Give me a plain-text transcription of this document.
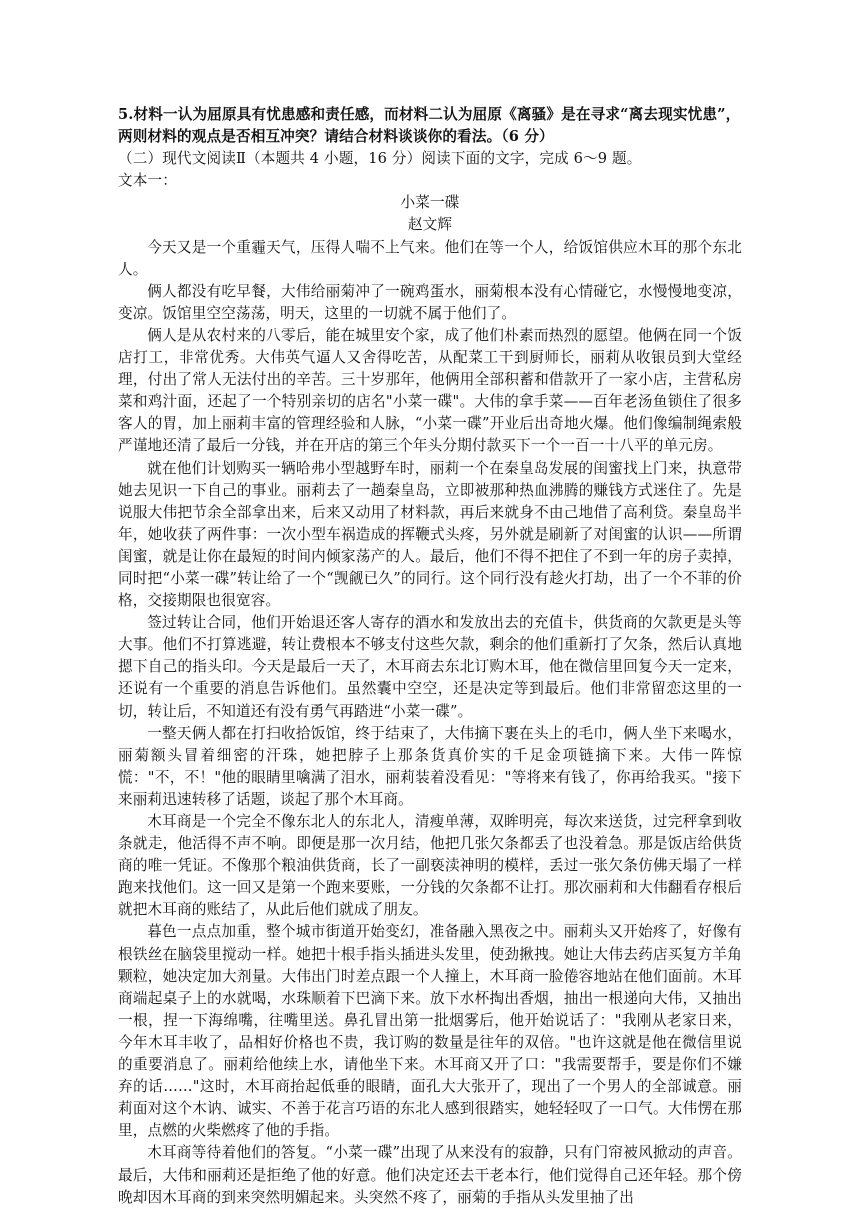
5.材料一认为屈原具有忧患感和责任感，而材料二认为屈原《离骚》是在寻求“离去现实忧患”，两则材料的观点是否相互冲突？请结合材料谈谈你的看法。（6 分）

（二）现代文阅读Ⅱ（本题共 4 小题，16 分）阅读下面的文字，完成 6～9 题。

文本一：

小菜一碟

赵文辉

今天又是一个重霾天气，压得人喘不上气来。他们在等一个人，给饭馆供应木耳的那个东北人。

俩人都没有吃早餐，大伟给丽菊冲了一碗鸡蛋水，丽菊根本没有心情碰它，水慢慢地变凉，变凉。饭馆里空空荡荡，明天，这里的一切就不属于他们了。

俩人是从农村来的八零后，能在城里安个家，成了他们朴素而热烈的愿望。他俩在同一个饭店打工，非常优秀。大伟英气逼人又舍得吃苦，从配菜工干到厨师长，丽莉从收银员到大堂经理，付出了常人无法付出的辛苦。三十岁那年，他俩用全部积蓄和借款开了一家小店，主营私房菜和鸡汁面，还起了一个特别亲切的店名"小菜一碟"。大伟的拿手菜——百年老汤鱼锁住了很多客人的胃，加上丽莉丰富的管理经验和人脉，“小菜一碟”开业后出奇地火爆。他们像编制绳索般严谨地还清了最后一分钱，并在开店的第三个年头分期付款买下一个一百一十八平的单元房。

就在他们计划购买一辆哈弗小型越野车时，丽莉一个在秦皇岛发展的闺蜜找上门来，执意带她去见识一下自己的事业。丽莉去了一趟秦皇岛，立即被那种热血沸腾的赚钱方式迷住了。先是说服大伟把节余全部拿出来，后来又动用了材料款，再后来就身不由己地借了高利贷。秦皇岛半年，她收获了两件事：一次小型车祸造成的挥鞭式头疼，另外就是刷新了对闺蜜的认识——所谓闺蜜，就是让你在最短的时间内倾家荡产的人。最后，他们不得不把住了不到一年的房子卖掉，同时把“小菜一碟”转让给了一个“觊觎已久”的同行。这个同行没有趁火打劫，出了一个不菲的价格，交接期限也很宽容。

签过转让合同，他们开始退还客人寄存的酒水和发放出去的充值卡，供货商的欠款更是头等大事。他们不打算逃避，转让费根本不够支付这些欠款，剩余的他们重新打了欠条，然后认真地摁下自己的指头印。今天是最后一天了，木耳商去东北订购木耳，他在微信里回复今天一定来，还说有一个重要的消息告诉他们。虽然囊中空空，还是决定等到最后。他们非常留恋这里的一切，转让后，不知道还有没有勇气再踏进“小菜一碟”。

一整天俩人都在打扫收拾饭馆，终于结束了，大伟摘下裹在头上的毛巾，俩人坐下来喝水，丽菊额头冒着细密的汗珠，她把脖子上那条货真价实的千足金项链摘下来。大伟一阵惊慌："不，不！"他的眼睛里噙满了泪水，丽莉装着没看见："等将来有钱了，你再给我买。"接下来丽莉迅速转移了话题，谈起了那个木耳商。

木耳商是一个完全不像东北人的东北人，清瘦单薄，双眸明亮，每次来送货，过完秤拿到收条就走，他活得不声不响。即便是那一次月结，他把几张欠条都丢了也没着急。那是饭店给供货商的唯一凭证。不像那个粮油供货商，长了一副亵渎神明的模样，丢过一张欠条仿佛天塌了一样跑来找他们。这一回又是第一个跑来要账，一分钱的欠条都不让打。那次丽莉和大伟翻看存根后就把木耳商的账结了，从此后他们就成了朋友。

暮色一点点加重，整个城市街道开始变幻，准备融入黑夜之中。丽莉头又开始疼了，好像有根铁丝在脑袋里搅动一样。她把十根手指头插进头发里，使劲揪拽。她让大伟去药店买复方羊角颗粒，她决定加大剂量。大伟出门时差点跟一个人撞上，木耳商一脸倦容地站在他们面前。木耳商端起桌子上的水就喝，水珠顺着下巴滴下来。放下水杯掏出香烟，抽出一根递向大伟，又抽出一根，捏一下海绵嘴，往嘴里送。鼻孔冒出第一批烟雾后，他开始说话了："我刚从老家日来，今年木耳丰收了，品相好价格也不贵，我订购的数量是往年的双倍。"也许这就是他在微信里说的重要消息了。丽莉给他续上水，请他坐下来。木耳商又开了口："我需要帮手，要是你们不嫌弃的话……"这时，木耳商抬起低垂的眼睛，面孔大大张开了，现出了一个男人的全部诚意。丽莉面对这个木讷、诚实、不善于花言巧语的东北人感到很踏实，她轻轻叹了一口气。大伟愣在那里，点燃的火柴燃疼了他的手指。

木耳商等待着他们的答复。“小菜一碟”出现了从来没有的寂静，只有门帘被风掀动的声音。最后，大伟和丽莉还是拒绝了他的好意。他们决定还去干老本行，他们觉得自己还年轻。那个傍晚却因木耳商的到来突然明媚起来。头突然不疼了，丽菊的手指从头发里抽了出
